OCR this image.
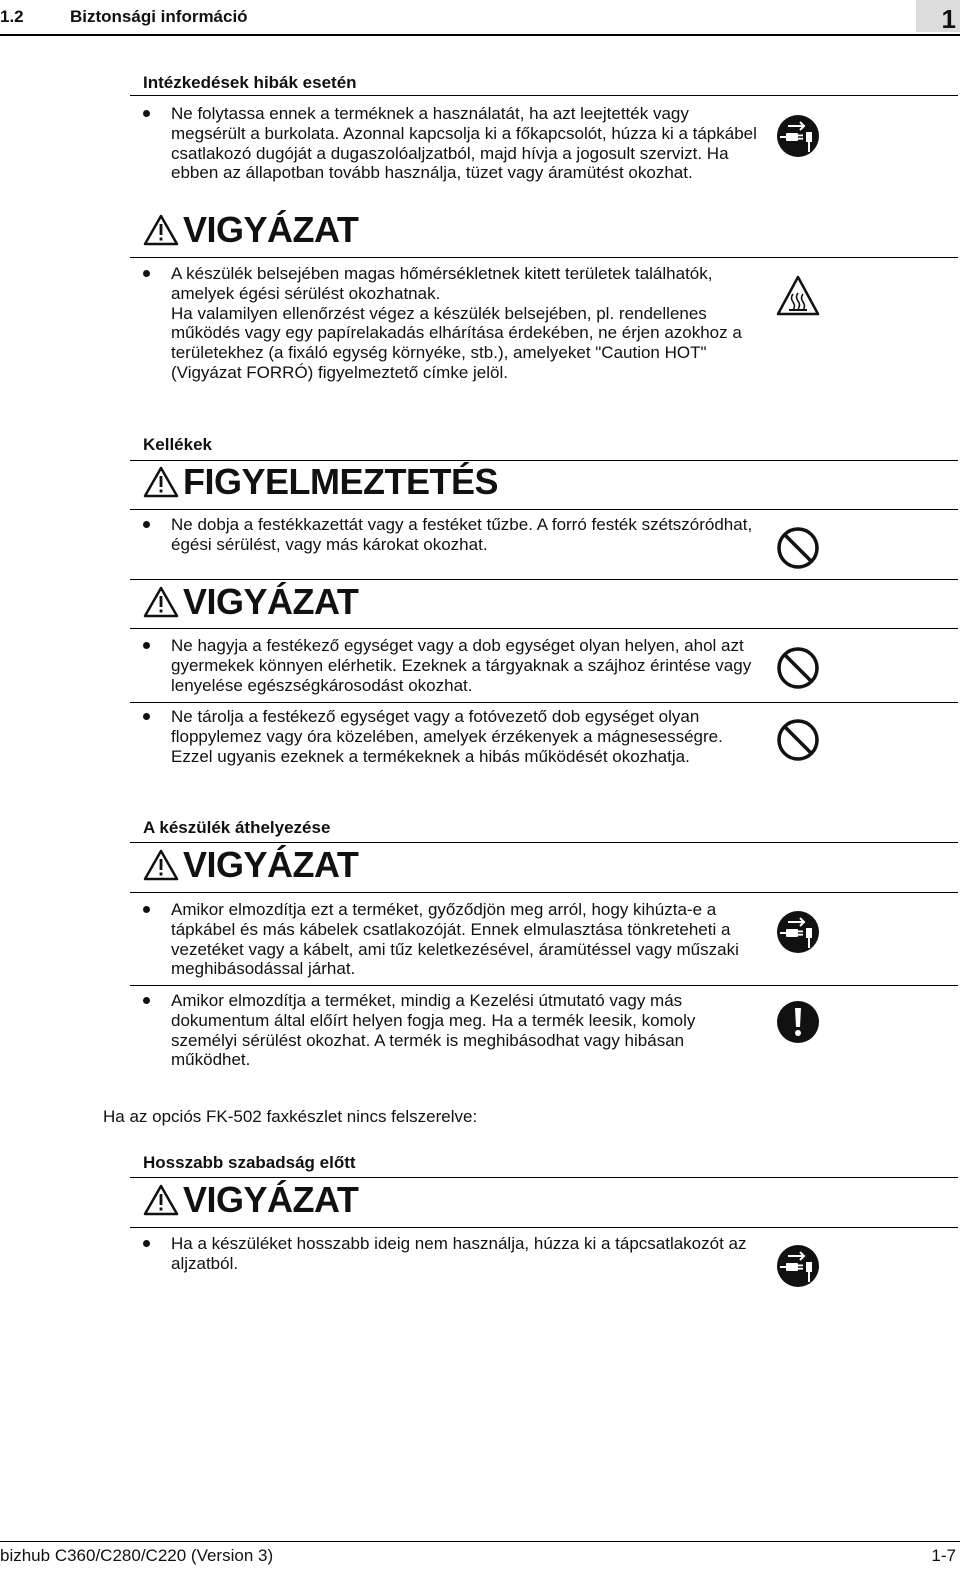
1.2	Biztonsági információ	1
Intézkedések hibák esetén
Ne folytassa ennek a terméknek a használatát, ha azt leejtették vagy megsérült a burkolata. Azonnal kapcsolja ki a főkapcsolót, húzza ki a tápkábel csatlakozó dugóját a dugaszolóaljzatból, majd hívja a jogosult szervizt. Ha ebben az állapotban tovább használja, tüzet vagy áramütést okozhat.
VIGYÁZAT
A készülék belsejében magas hőmérsékletnek kitett területek találhatók, amelyek égési sérülést okozhatnak.
Ha valamilyen ellenőrzést végez a készülék belsejében, pl. rendellenes működés vagy egy papírelakadás elhárítása érdekében, ne érjen azokhoz a területekhez (a fixáló egység környéke, stb.), amelyeket "Caution HOT" (Vigyázat FORRÓ) figyelmeztető címke jelöl.
Kellékek
FIGYELMEZTETÉS
Ne dobja a festékkazettát vagy a festéket tűzbe. A forró festék szétszóródhat, égési sérülést, vagy más károkat okozhat.
VIGYÁZAT
Ne hagyja a festékező egységet vagy a dob egységet olyan helyen, ahol azt gyermekek könnyen elérhetik. Ezeknek a tárgyaknak a szájhoz érintése vagy lenyelése egészségkárosodást okozhat.
Ne tárolja a festékező egységet vagy a fotóvezető dob egységet olyan floppylemez vagy óra közelében, amelyek érzékenyek a mágnesességre. Ezzel ugyanis ezeknek a termékeknek a hibás működését okozhatja.
A készülék áthelyezése
VIGYÁZAT
Amikor elmozdítja ezt a terméket, győződjön meg arról, hogy kihúzta-e a tápkábel és más kábelek csatlakozóját. Ennek elmulasztása tönkreteheti a vezetéket vagy a kábelt, ami tűz keletkezésével, áramütéssel vagy műszaki meghibásodással járhat.
Amikor elmozdítja a terméket, mindig a Kezelési útmutató vagy más dokumentum által előírt helyen fogja meg. Ha a termék leesik, komoly személyi sérülést okozhat. A termék is meghibásodhat vagy hibásan működhet.
Ha az opciós FK-502 faxkészlet nincs felszerelve:
Hosszabb szabadság előtt
VIGYÁZAT
Ha a készüléket hosszabb ideig nem használja, húzza ki a tápcsatlakozót az aljzatból.
bizhub C360/C280/C220 (Version 3)	1-7
